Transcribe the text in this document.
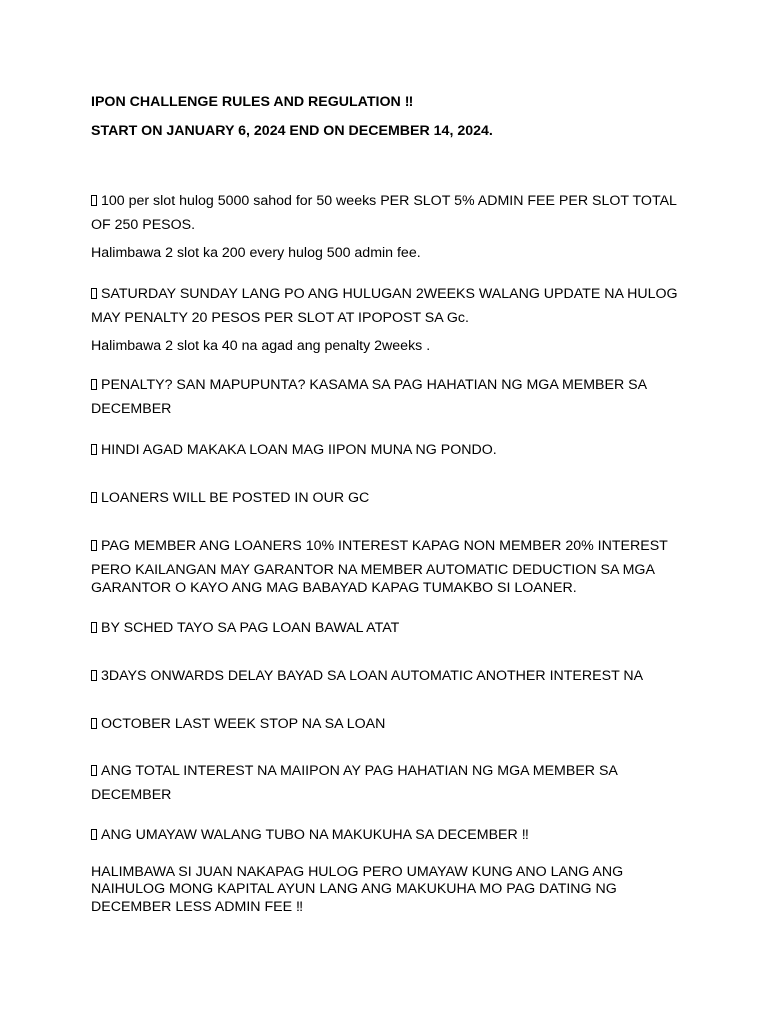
IPON CHALLENGE RULES AND REGULATION ‼
START ON JANUARY 6, 2024 END ON DECEMBER 14, 2024.
100 per slot hulog 5000 sahod for 50 weeks PER SLOT 5% ADMIN FEE PER SLOT TOTAL
OF 250 PESOS.
Halimbawa 2 slot ka 200 every hulog 500 admin fee.
SATURDAY SUNDAY LANG PO ANG HULUGAN 2WEEKS WALANG UPDATE NA HULOG
MAY PENALTY 20 PESOS PER SLOT AT IPOPOST SA Gc.
Halimbawa 2 slot ka 40 na agad ang penalty 2weeks .
PENALTY? SAN MAPUPUNTA? KASAMA SA PAG HAHATIAN NG MGA MEMBER SA
DECEMBER
HINDI AGAD MAKAKA LOAN MAG IIPON MUNA NG PONDO.
LOANERS WILL BE POSTED IN OUR GC
PAG MEMBER ANG LOANERS 10% INTEREST KAPAG NON MEMBER 20% INTEREST
PERO KAILANGAN MAY GARANTOR NA MEMBER AUTOMATIC DEDUCTION SA MGA
GARANTOR O KAYO ANG MAG BABAYAD KAPAG TUMAKBO SI LOANER.
BY SCHED TAYO SA PAG LOAN BAWAL ATAT
3DAYS ONWARDS DELAY BAYAD SA LOAN AUTOMATIC ANOTHER INTEREST NA
OCTOBER LAST WEEK STOP NA SA LOAN
ANG TOTAL INTEREST NA MAIIPON AY PAG HAHATIAN NG MGA MEMBER SA
DECEMBER
ANG UMAYAW WALANG TUBO NA MAKUKUHA SA DECEMBER ‼
HALIMBAWA SI JUAN NAKAPAG HULOG PERO UMAYAW KUNG ANO LANG ANG
NAIHULOG MONG KAPITAL AYUN LANG ANG MAKUKUHA MO PAG DATING NG
DECEMBER LESS ADMIN FEE ‼
